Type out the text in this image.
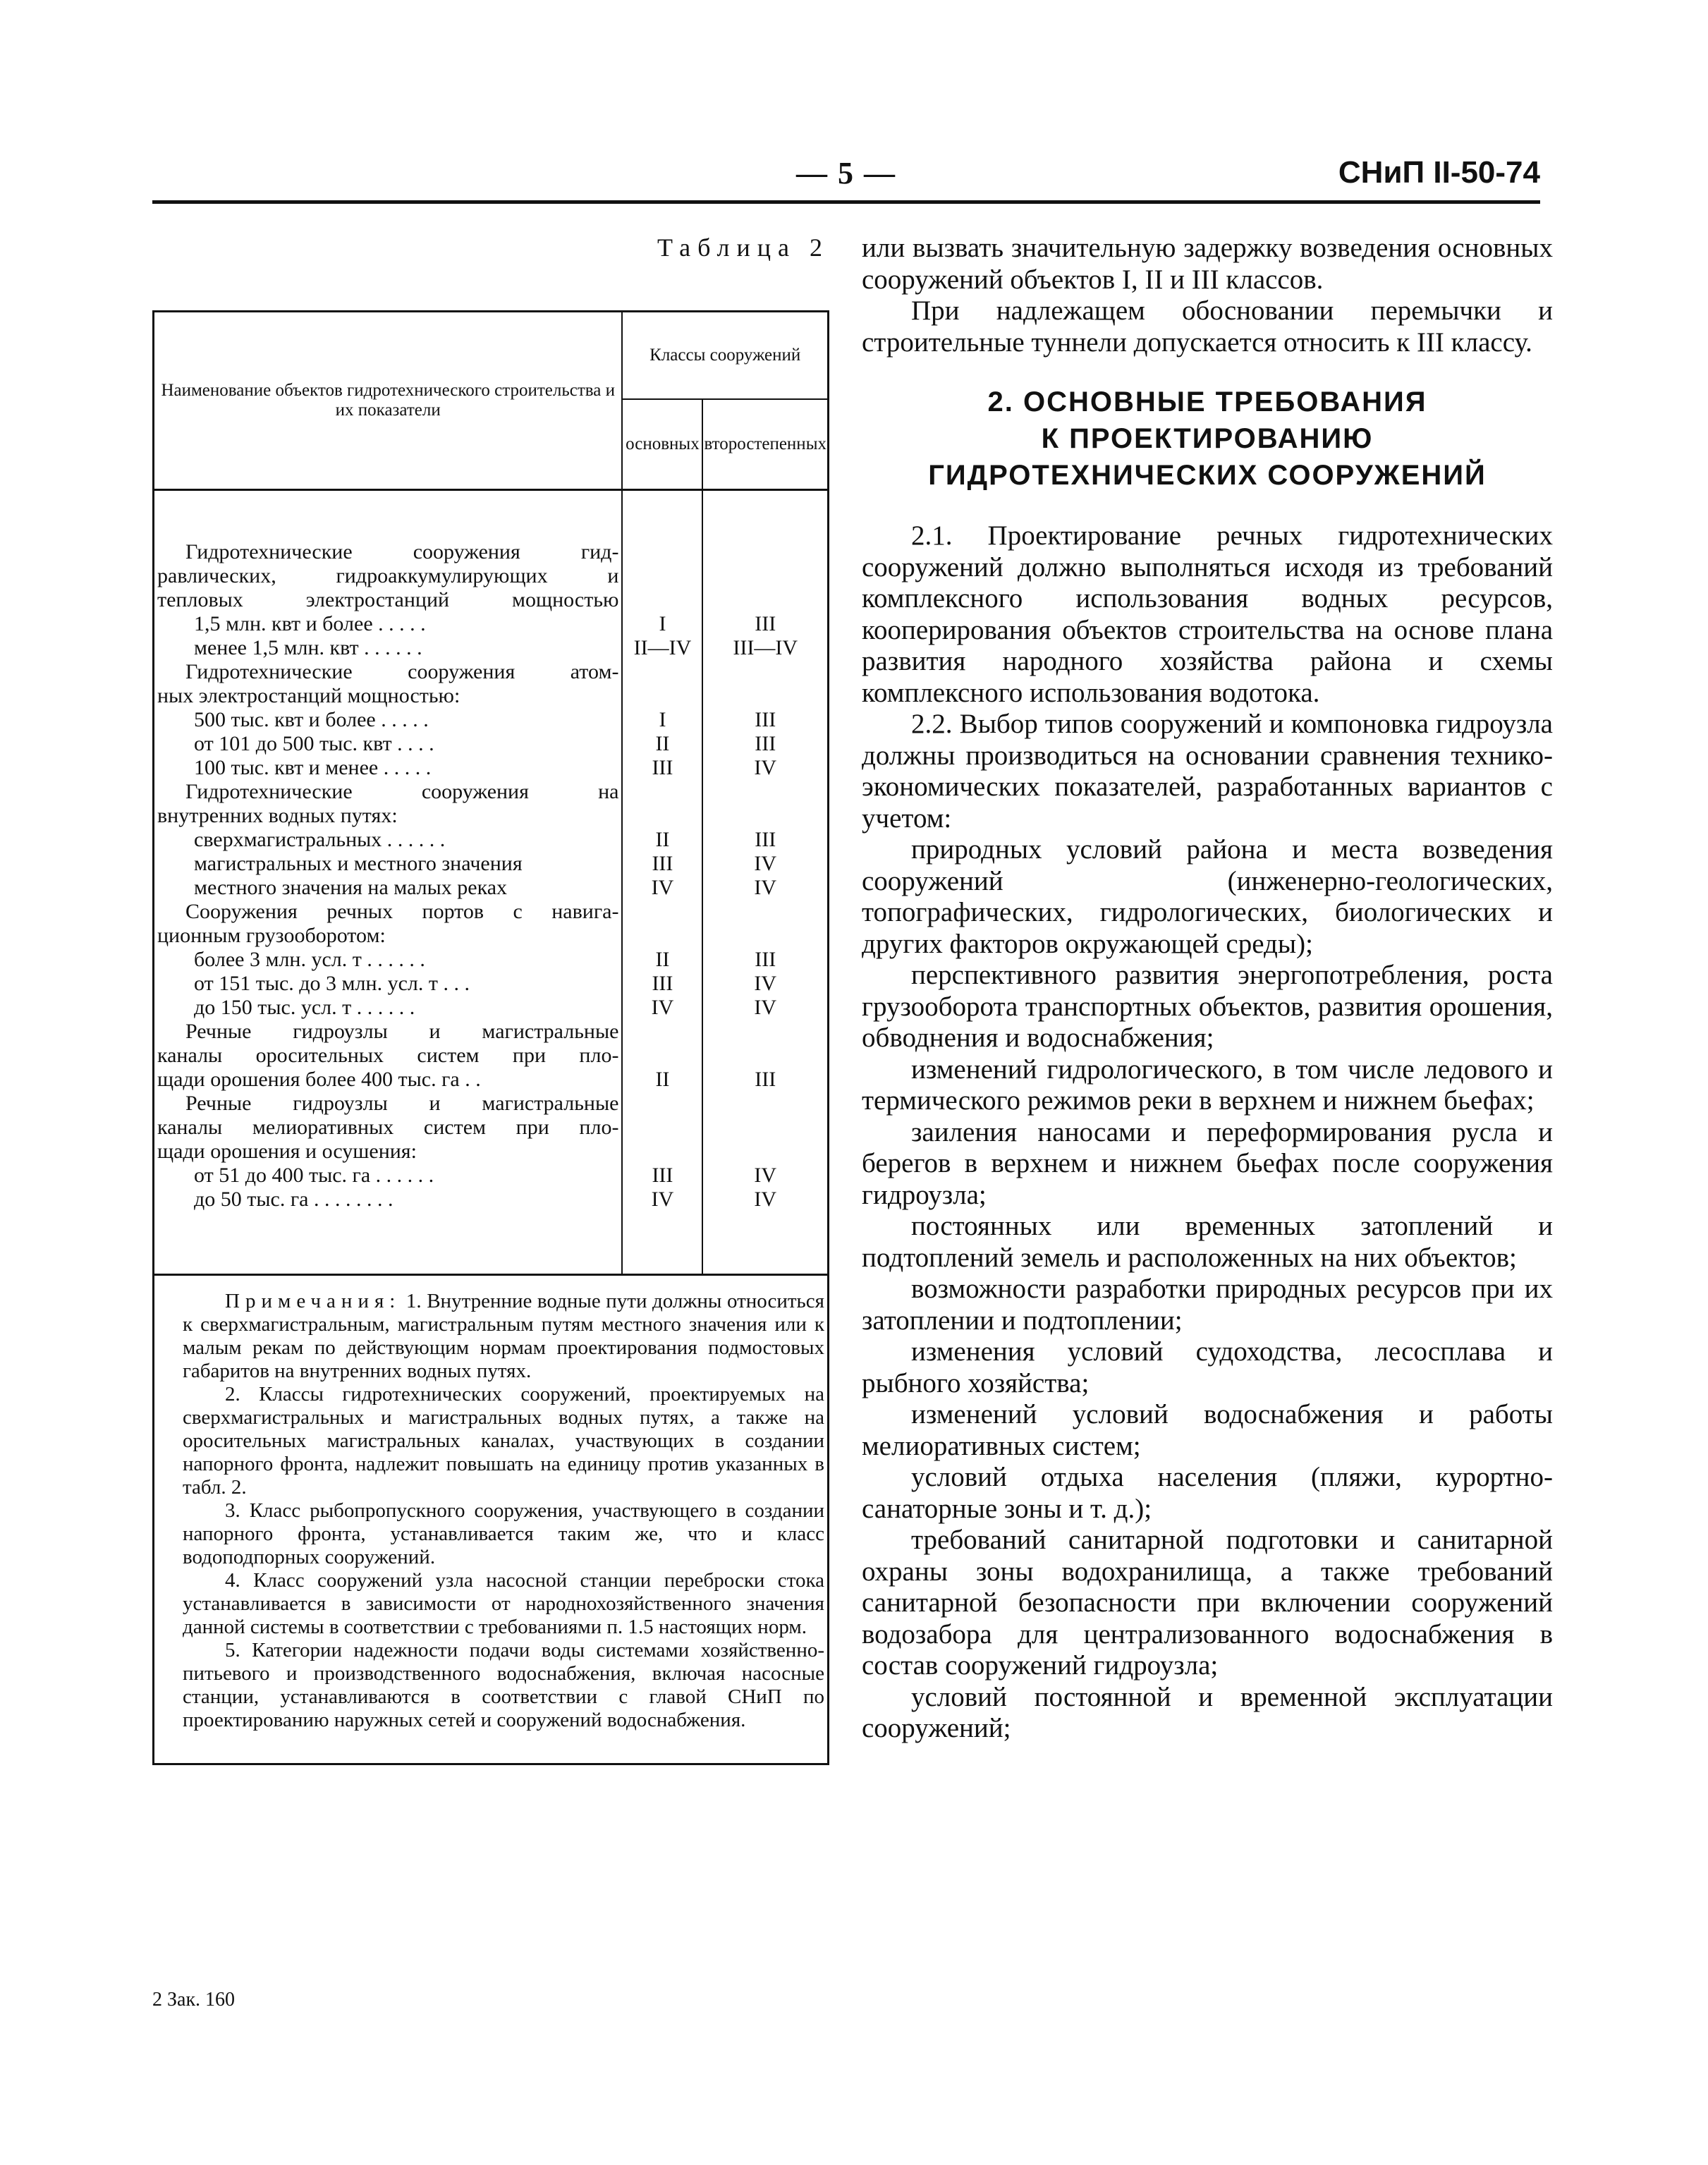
— 5 —	СНиП II-50-74
Таблица 2
Наименование объектов гидротехнического строительства и их показатели	Классы сооружений	
	основных	второстепенных

Гидротехнические сооружения гид-		
равлических, гидроаккумулирующих и		
тепловых электростанций мощностью		
1,5 млн. квт и более . . . . .	I	III
менее 1,5 млн. квт . . . . . .	II—IV	III—IV
Гидротехнические сооружения атом-		
ных электростанций мощностью:		
500 тыс. квт и более . . . . .	I	III
от 101 до 500 тыс. квт . . . .	II	III
100 тыс. квт и менее . . . . .	III	IV
Гидротехнические сооружения на		
внутренних водных путях:		
сверхмагистральных . . . . . .	II	III
магистральных и местного значения	III	IV
местного значения на малых реках	IV	IV
Сооружения речных портов с навига-		
ционным грузооборотом:		
более 3 млн. усл. т . . . . . .	II	III
от 151 тыс. до 3 млн. усл. т . . .	III	IV
до 150 тыс. усл. т . . . . . .	IV	IV
Речные гидроузлы и магистральные		
каналы оросительных систем при пло-		
щади орошения более 400 тыс. га . .	II	III
Речные гидроузлы и магистральные		
каналы мелиоративных систем при пло-		
щади орошения и осушения:		
от 51 до 400 тыс. га . . . . . .	III	IV
до 50 тыс. га . . . . . . . .	IV	IV

Примечания: 1. Внутренние водные пути должны относиться к сверхмагистральным, магистральным путям местного значения или к малым рекам по действующим нормам проектирования подмостовых габаритов на внутренних водных путях.

2. Классы гидротехнических сооружений, проектируемых на сверхмагистральных и магистральных водных путях, а также на оросительных магистральных каналах, участвующих в создании напорного фронта, надлежит повышать на единицу против указанных в табл. 2.

3. Класс рыбопропускного сооружения, участвующего в создании напорного фронта, устанавливается таким же, что и класс водоподпорных сооружений.

4. Класс сооружений узла насосной станции переброски стока устанавливается в зависимости от народнохозяйственного значения данной системы в соответствии с требованиями п. 1.5 настоящих норм.

5. Категории надежности подачи воды системами хозяйственно-питьевого и производственного водоснабжения, включая насосные станции, устанавливаются в соответствии с главой СНиП по проектированию наружных сетей и сооружений водоснабжения.

2 Зак. 160

или вызвать значительную задержку возведения основных сооружений объектов I, II и III классов.

При надлежащем обосновании перемычки и строительные туннели допускается относить к III классу.

2. ОСНОВНЫЕ ТРЕБОВАНИЯ
К ПРОЕКТИРОВАНИЮ
ГИДРОТЕХНИЧЕСКИХ СООРУЖЕНИЙ

2.1. Проектирование речных гидротехнических сооружений должно выполняться исходя из требований комплексного использования водных ресурсов, кооперирования объектов строительства на основе плана развития народного хозяйства района и схемы комплексного использования водотока.

2.2. Выбор типов сооружений и компоновка гидроузла должны производиться на основании сравнения технико-экономических показателей, разработанных вариантов с учетом:

природных условий района и места возведения сооружений (инженерно-геологических, топографических, гидрологических, биологических и других факторов окружающей среды);

перспективного развития энергопотребления, роста грузооборота транспортных объектов, развития орошения, обводнения и водоснабжения;

изменений гидрологического, в том числе ледового и термического режимов реки в верхнем и нижнем бьефах;

заиления наносами и переформирования русла и берегов в верхнем и нижнем бьефах после сооружения гидроузла;

постоянных или временных затоплений и подтоплений земель и расположенных на них объектов;

возможности разработки природных ресурсов при их затоплении и подтоплении;

изменения условий судоходства, лесосплава и рыбного хозяйства;

изменений условий водоснабжения и работы мелиоративных систем;

условий отдыха населения (пляжи, курортно-санаторные зоны и т. д.);

требований санитарной подготовки и санитарной охраны зоны водохранилища, а также требований санитарной безопасности при включении сооружений водозабора для централизованного водоснабжения в состав сооружений гидроузла;

условий постоянной и временной эксплуатации сооружений;
